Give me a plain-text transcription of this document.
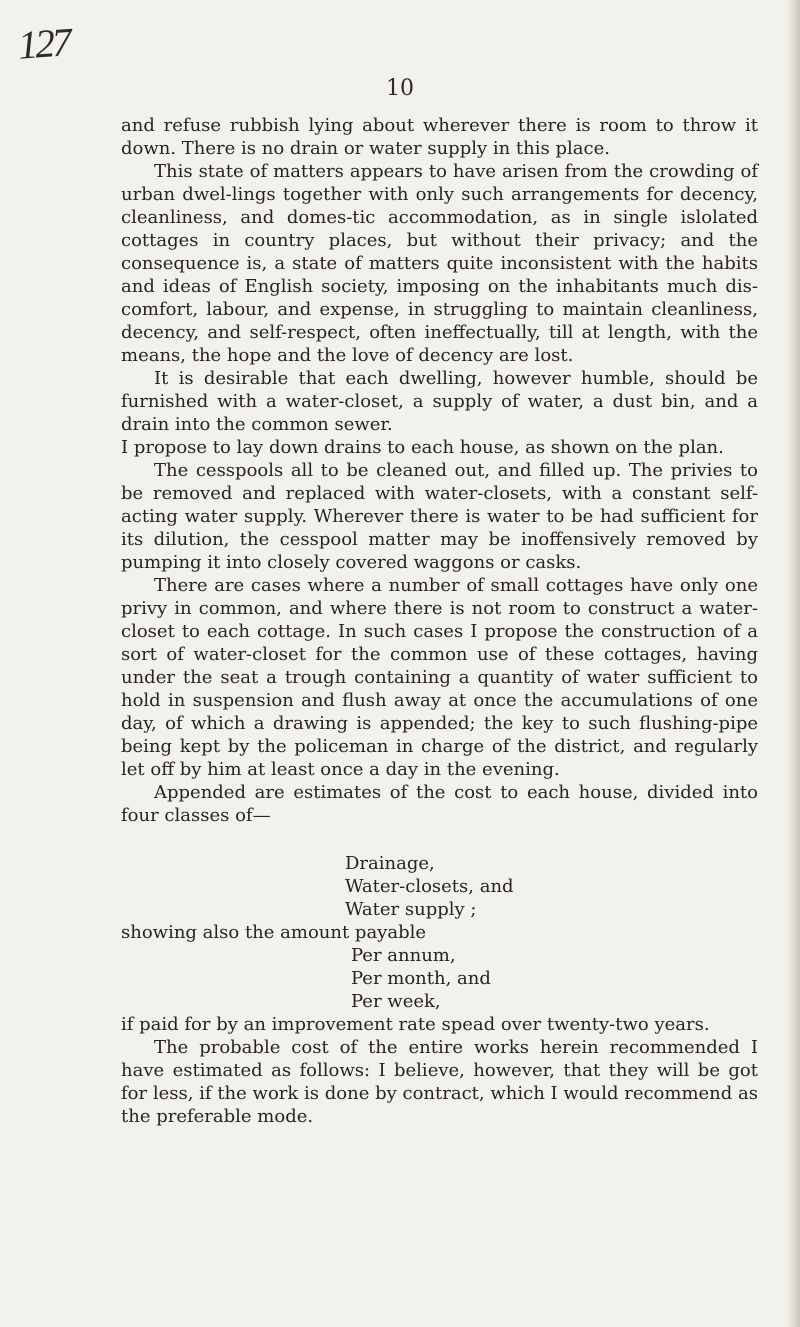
127
10

and refuse rubbish lying about wherever there is room to throw it down. There is no drain or water supply in this place.

This state of matters appears to have arisen from the crowding of urban dwel-lings together with only such arrangements for decency, cleanliness, and domes-tic accommodation, as in single islolated cottages in country places, but without their privacy; and the consequence is, a state of matters quite inconsistent with the habits and ideas of English society, imposing on the inhabitants much dis-comfort, labour, and expense, in struggling to maintain cleanliness, decency, and self-respect, often ineffectually, till at length, with the means, the hope and the love of decency are lost.

It is desirable that each dwelling, however humble, should be furnished with a water-closet, a supply of water, a dust bin, and a drain into the common sewer.

I propose to lay down drains to each house, as shown on the plan.

The cesspools all to be cleaned out, and filled up. The privies to be removed and replaced with water-closets, with a constant self-acting water supply. Wherever there is water to be had sufficient for its dilution, the cesspool matter may be inoffensively removed by pumping it into closely covered waggons or casks.

There are cases where a number of small cottages have only one privy in common, and where there is not room to construct a water-closet to each cottage. In such cases I propose the construction of a sort of water-closet for the common use of these cottages, having under the seat a trough containing a quantity of water sufficient to hold in suspension and flush away at once the accumulations of one day, of which a drawing is appended; the key to such flushing-pipe being kept by the policeman in charge of the district, and regularly let off by him at least once a day in the evening.

Appended are estimates of the cost to each house, divided into four classes of—

Drainage,
Water-closets, and
Water supply ;
showing also the amount payable
Per annum,
Per month, and
Per week,

if paid for by an improvement rate spead over twenty-two years.

The probable cost of the entire works herein recommended I have estimated as follows: I believe, however, that they will be got for less, if the work is done by contract, which I would recommend as the preferable mode.
